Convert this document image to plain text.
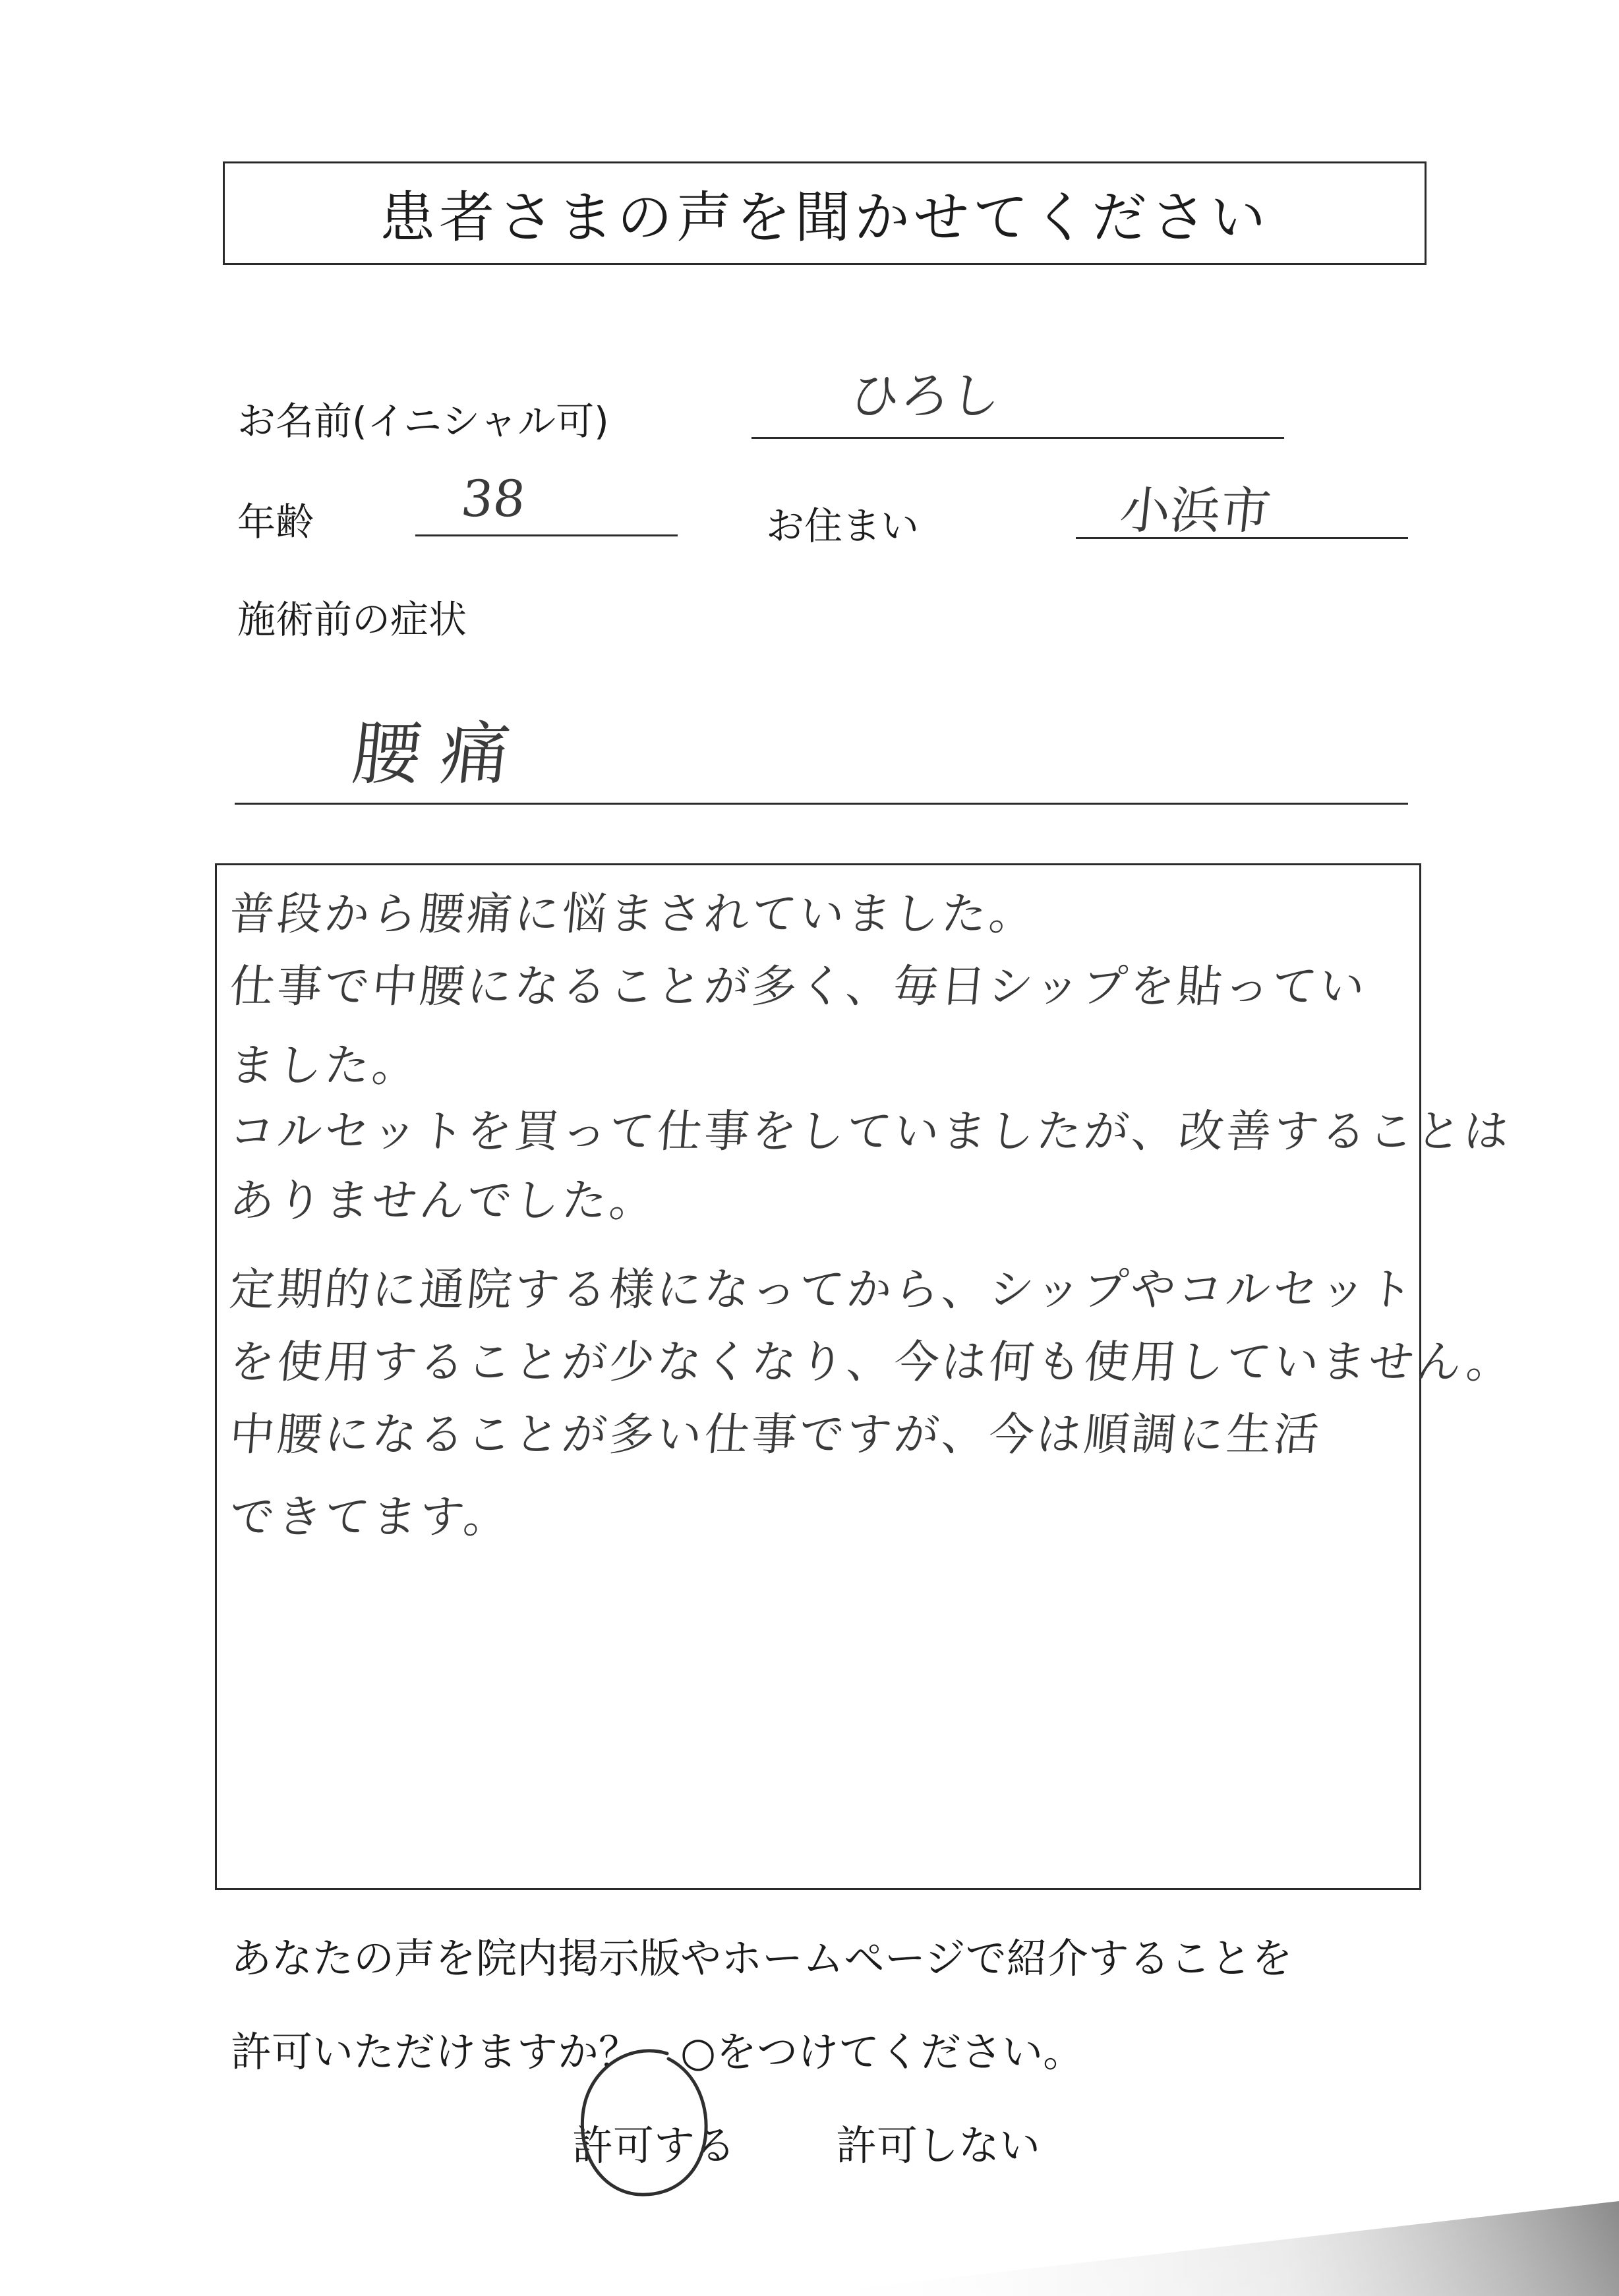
患者さまの声を聞かせてください
お名前(イニシャル可)	ひろし
年齢	38	お住まい	小浜市
施術前の症状
腰痛
普段から腰痛に悩まされていました。
仕事で中腰になることが多く、毎日シップを貼ってい
ました。
コルセットを買って仕事をしていましたが、改善することは
ありませんでした。
定期的に通院する様になってから、シップやコルセット
を使用することが少なくなり、今は何も使用していません。
中腰になることが多い仕事ですが、今は順調に生活
できてます。
あなたの声を院内掲示版やホームページで紹介することを
許可いただけますか？　○をつけてください。
許可する 許可しない
